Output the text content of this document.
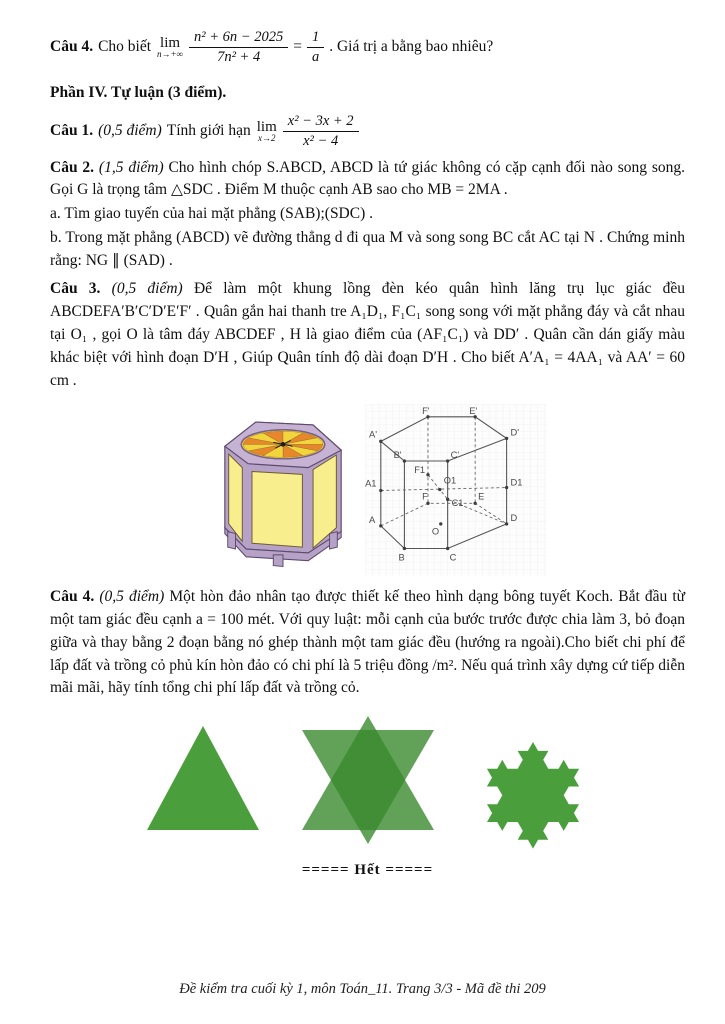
Câu 4. Cho biết lim
$n\to+\infty \frac{\text{n² + 6n − 2025}}{\text{7n² + 4}} = \frac{1}{a}$ . Giá trị a bằng bao nhiêu?
Phần IV. Tự luận (3 điểm).
Câu 1. (0,5 điểm) Tính giới hạn lim
$x\to 2 \frac{\text{x² − 3x + 2}}{\text{x² − 4}}$

Câu 2. (1,5 điểm) Cho hình chóp S.ABCD, ABCD là tứ giác không có cặp cạnh đối nào song song. Gọi G là trọng tâm △SDC . Điểm M thuộc cạnh AB sao cho MB = 2MA .

a. Tìm giao tuyến của hai mặt phẳng (SAB);(SDC) .

b. Trong mặt phẳng (ABCD) vẽ đường thẳng d đi qua M và song song BC cắt AC tại N . Chứng minh rằng: NG ∥ (SAD) .

Câu 3. (0,5 điểm) Để làm một khung lồng đèn kéo quân hình lăng trụ lục giác đều ABCDEFA′B′C′D′E′F′ . Quân gắn hai thanh tre A₁D₁, F₁C₁ song song với mặt phẳng đáy và cắt nhau tại O₁ , gọi O là tâm đáy ABCDEF , H là giao điểm của (AF₁C₁) và DD′ . Quân cần dán giấy màu khác biệt với hình đoạn D′H , Giúp Quân tính độ dài đoạn D′H . Cho biết A′A₁ = 4AA₁ và AA′ = 60 cm .

A'
F'	E'
D'
B'	C'
F1
O1
A1	D1
F	E
C1
A	D
O
B	C

Câu 4. (0,5 điểm) Một hòn đảo nhân tạo được thiết kế theo hình dạng bông tuyết Koch. Bắt đầu từ một tam giác đều cạnh a = 100 mét. Với quy luật: mỗi cạnh của bước trước được chia làm 3, bỏ đoạn giữa và thay bằng 2 đoạn bằng nó ghép thành một tam giác đều (hướng ra ngoài).Cho biết chi phí để lấp đất và trồng cỏ phủ kín hòn đảo có chi phí là 5 triệu đồng /m². Nếu quá trình xây dựng cứ tiếp diễn mãi mãi, hãy tính tổng chi phí lấp đất và trồng cỏ.

===== Hết =====
Đề kiểm tra cuối kỳ 1, môn Toán_11. Trang 3/3 - Mã đề thi 209
